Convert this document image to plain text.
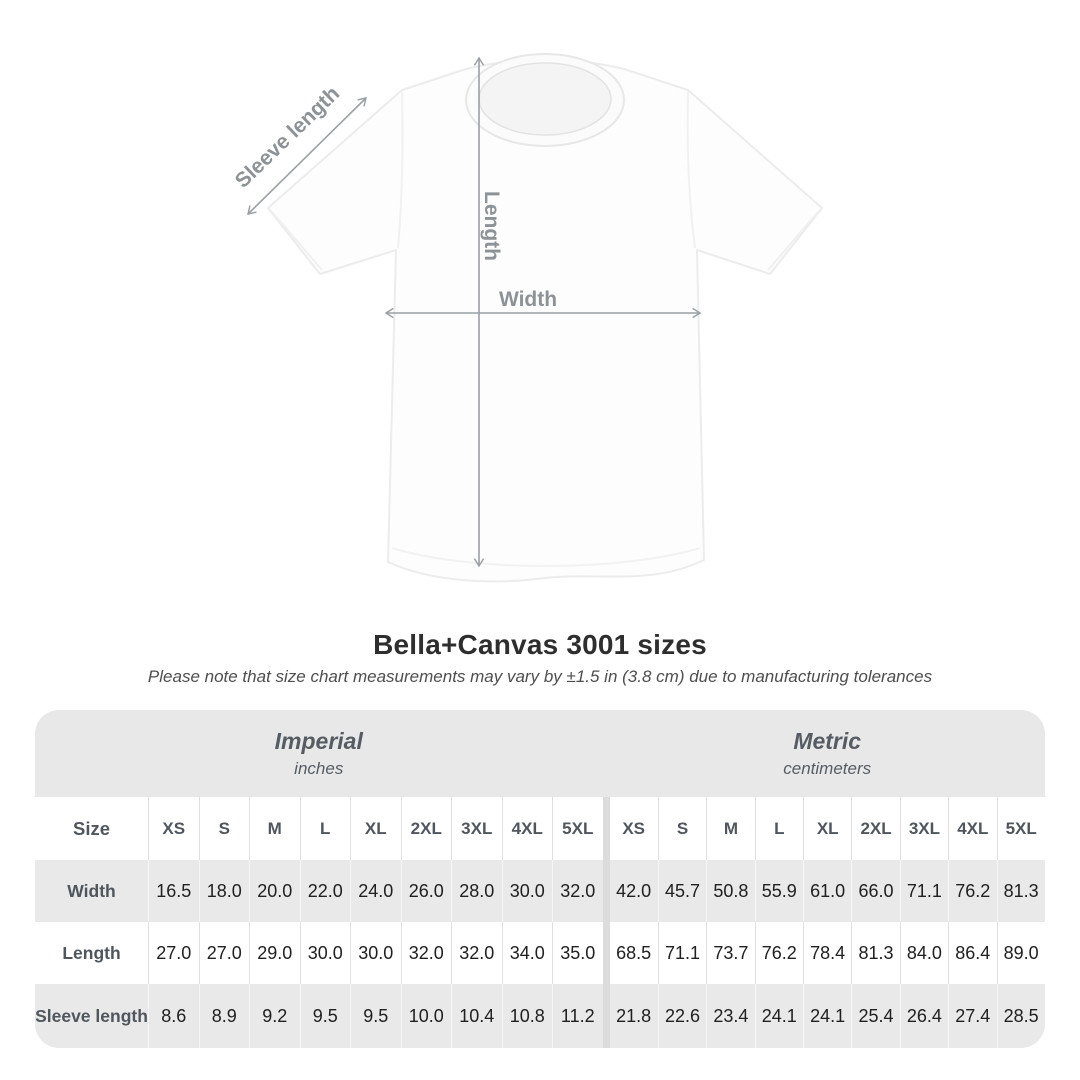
Length
Width
Sleeve length
Bella+Canvas 3001 sizes
Please note that size chart measurements may vary by ±1.5 in (3.8 cm) due to manufacturing tolerances
Imperial
inches
Metric
centimeters
Size	XS	S	M	L	XL	2XL	3XL	4XL	5XL	XS	S	M	L	XL	2XL	3XL	4XL	5XL
Width	16.5 18.0 20.0 22.0 24.0 26.0 28.0 30.0 32.0	42.0 45.7 50.8 55.9 61.0 66.0 71.1 76.2 81.3
Length	27.0 27.0 29.0 30.0 30.0 32.0 32.0 34.0 35.0	68.5 71.1 73.7 76.2 78.4 81.3 84.0 86.4 89.0
Sleeve length 8.6	8.9	9.2	9.5	9.5	10.0 10.4 10.8 11.2	21.8 22.6 23.4 24.1 24.1 25.4 26.4 27.4 28.5
